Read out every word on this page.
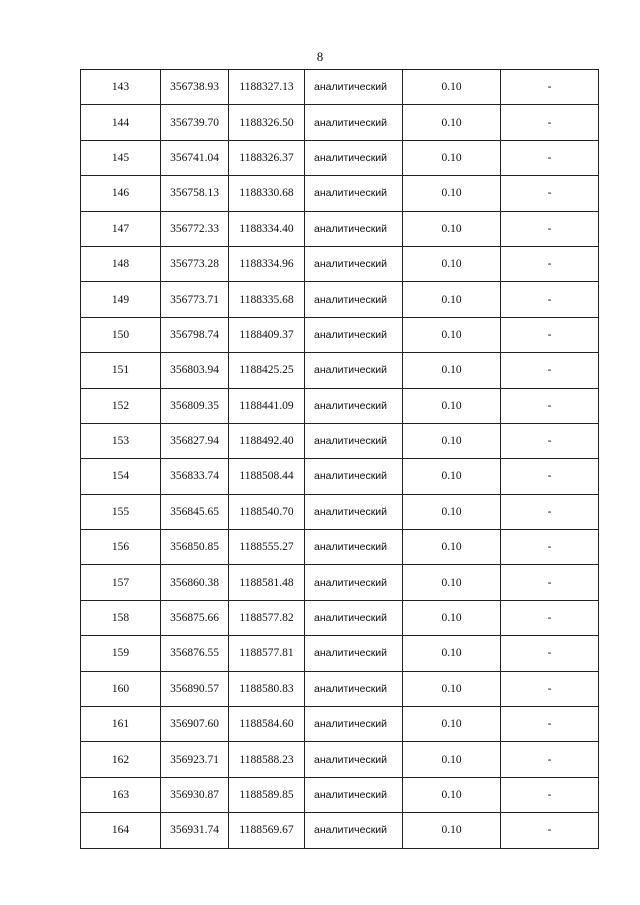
8
143	356738.93	1188327.13	аналитический	0.10	-
144	356739.70	1188326.50	аналитический	0.10	-
145	356741.04	1188326.37	аналитический	0.10	-
146	356758.13	1188330.68	аналитический	0.10	-
147	356772.33	1188334.40	аналитический	0.10	-
148	356773.28	1188334.96	аналитический	0.10	-
149	356773.71	1188335.68	аналитический	0.10	-
150	356798.74	1188409.37	аналитический	0.10	-
151	356803.94	1188425.25	аналитический	0.10	-
152	356809.35	1188441.09	аналитический	0.10	-
153	356827.94	1188492.40	аналитический	0.10	-
154	356833.74	1188508.44	аналитический	0.10	-
155	356845.65	1188540.70	аналитический	0.10	-
156	356850.85	1188555.27	аналитический	0.10	-
157	356860.38	1188581.48	аналитический	0.10	-
158	356875.66	1188577.82	аналитический	0.10	-
159	356876.55	1188577.81	аналитический	0.10	-
160	356890.57	1188580.83	аналитический	0.10	-
161	356907.60	1188584.60	аналитический	0.10	-
162	356923.71	1188588.23	аналитический	0.10	-
163	356930.87	1188589.85	аналитический	0.10	-
164	356931.74	1188569.67	аналитический	0.10	-
